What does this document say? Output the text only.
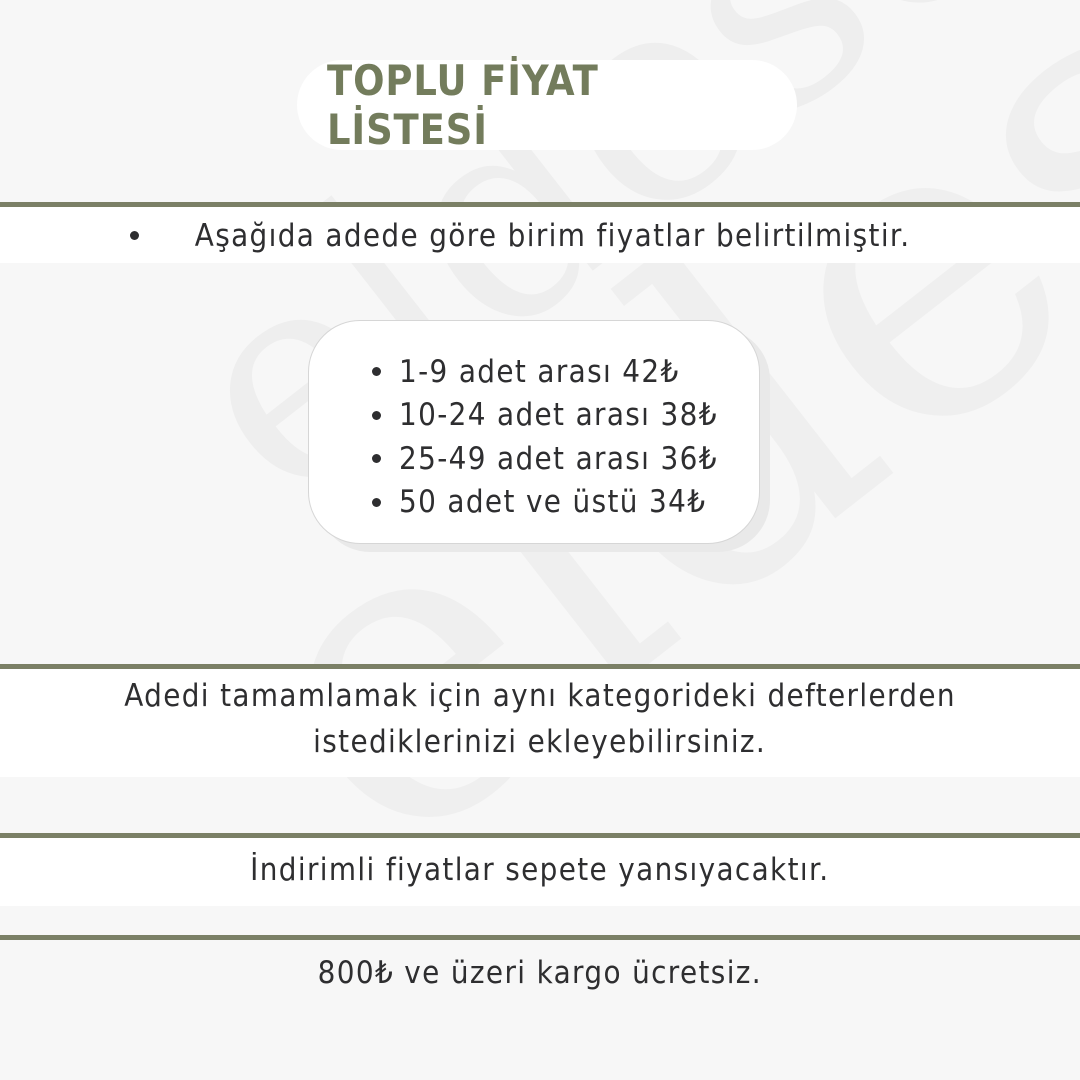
TOPLU FİYAT LİSTESİ
Aşağıda adede göre birim fiyatlar belirtilmiştir.
1-9 adet arası 42₺
10-24 adet arası 38₺
25-49 adet arası 36₺
50 adet ve üstü 34₺
Adedi tamamlamak için aynı kategorideki defterlerden
istediklerinizi ekleyebilirsiniz.
İndirimli fiyatlar sepete yansıyacaktır.
800₺ ve üzeri kargo ücretsiz.
